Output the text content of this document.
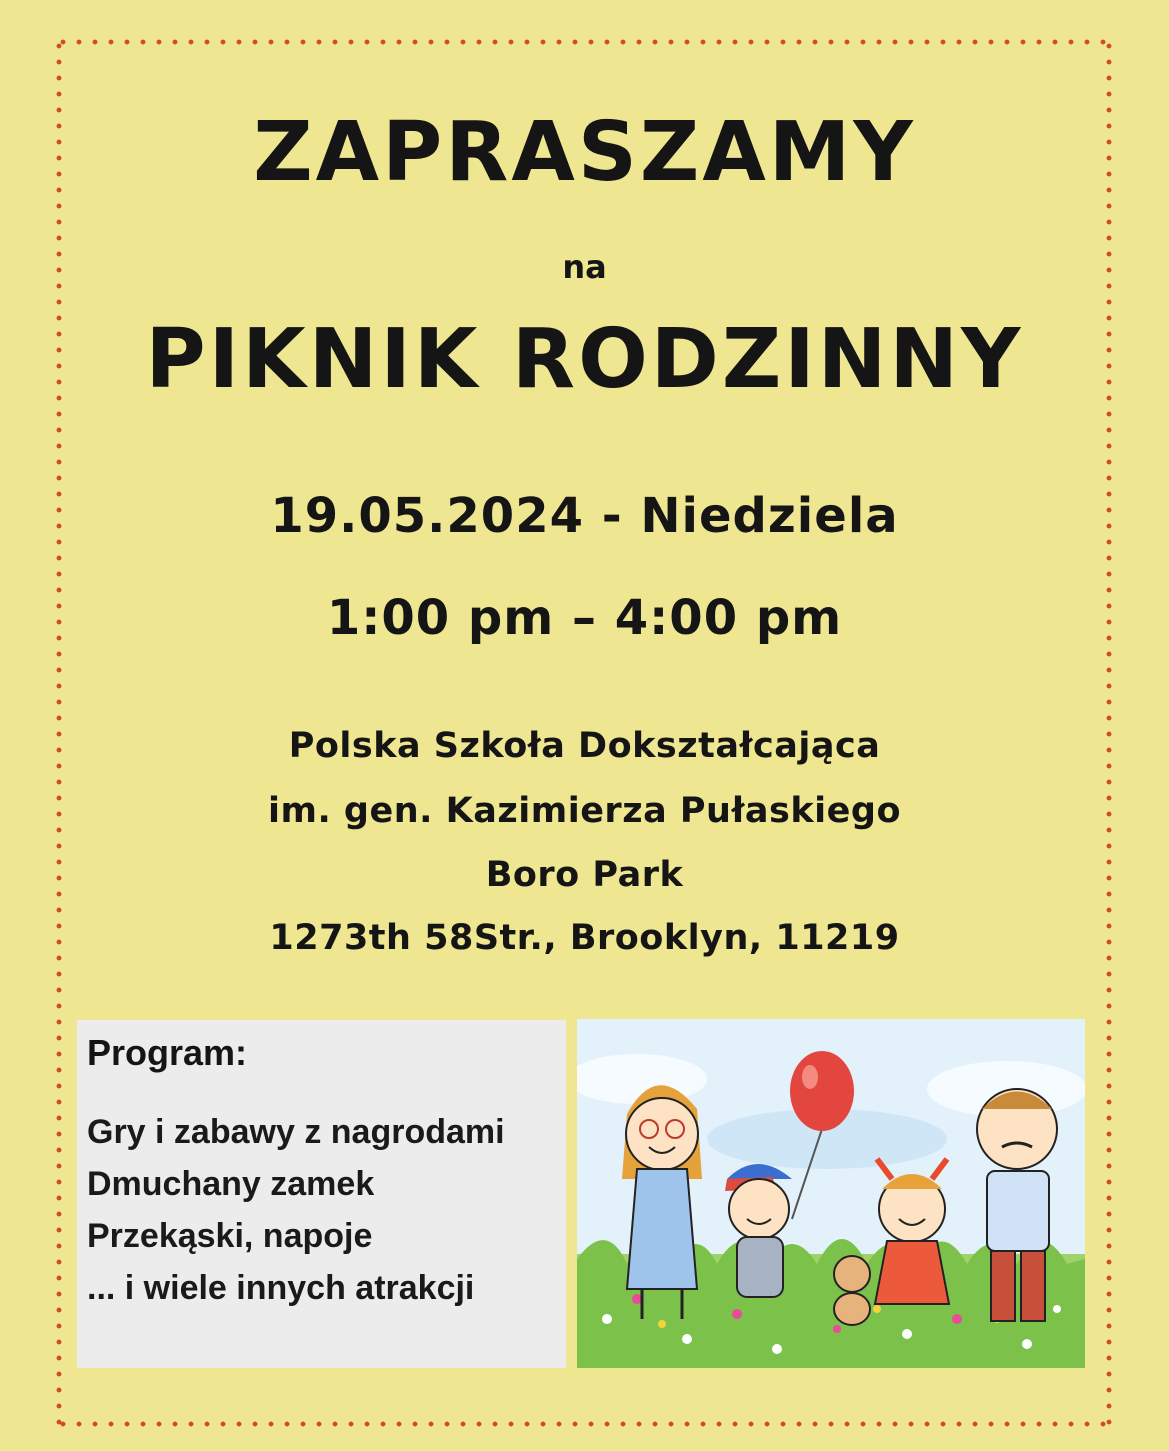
ZAPRASZAMY
na
PIKNIK RODZINNY
19.05.2024 - Niedziela
1:00 pm – 4:00 pm
Polska Szkoła Dokształcająca
im. gen. Kazimierza Pułaskiego
Boro Park
1273th 58Str., Brooklyn, 11219
Program:
Gry i zabawy z nagrodami
Dmuchany zamek
Przekąski, napoje
... i wiele innych atrakcji
